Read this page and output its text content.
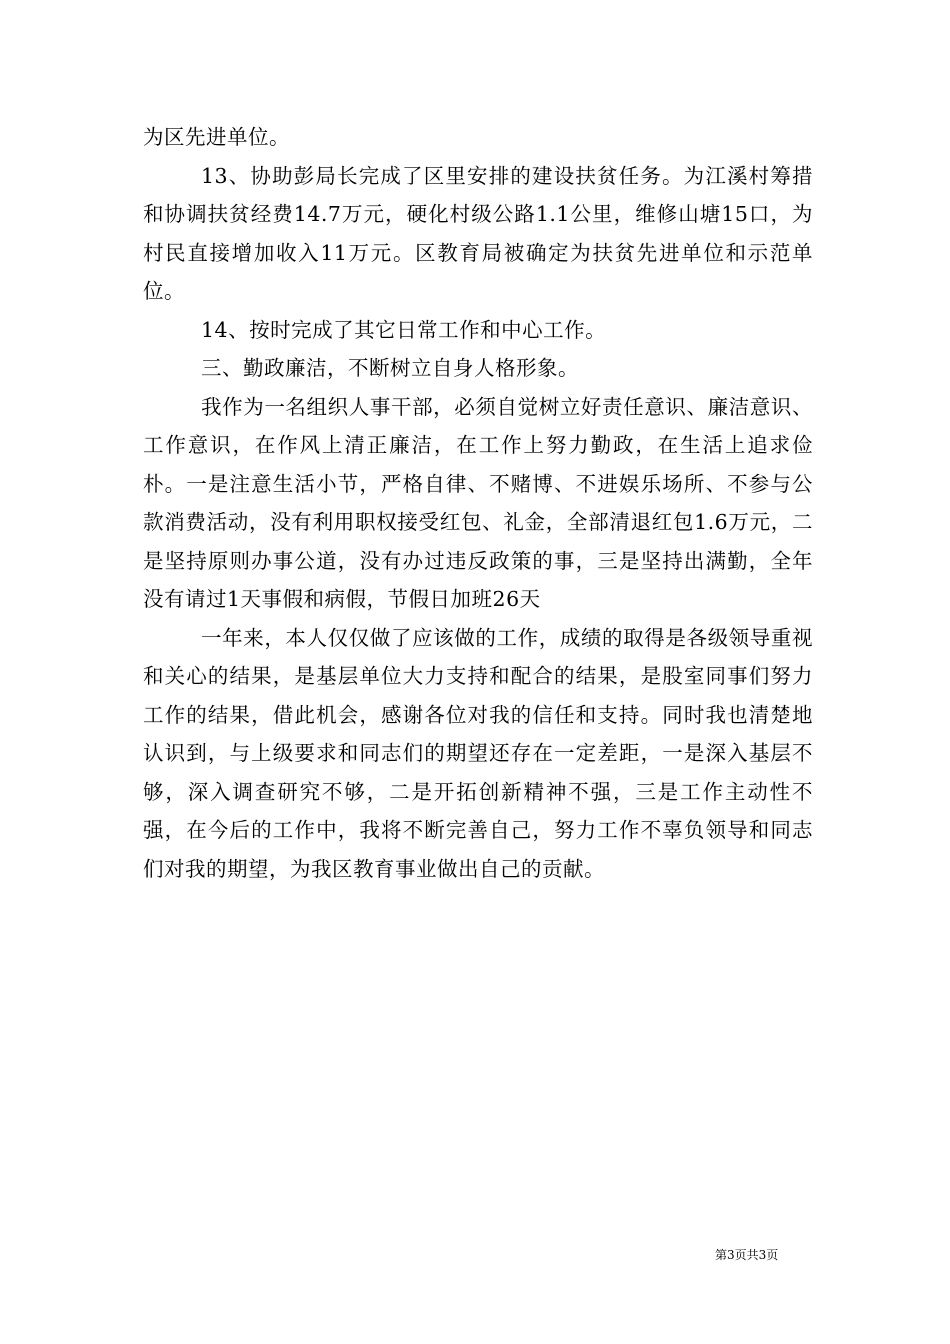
为区先进单位。

13、协助彭局长完成了区里安排的建设扶贫任务。为江溪村筹措和协调扶贫经费14.7万元，硬化村级公路1.1公里，维修山塘15口，为村民直接增加收入11万元。区教育局被确定为扶贫先进单位和示范单位。

14、按时完成了其它日常工作和中心工作。

三、勤政廉洁，不断树立自身人格形象。

我作为一名组织人事干部，必须自觉树立好责任意识、廉洁意识、工作意识，在作风上清正廉洁，在工作上努力勤政，在生活上追求俭朴。一是注意生活小节，严格自律、不赌博、不进娱乐场所、不参与公款消费活动，没有利用职权接受红包、礼金，全部清退红包1.6万元，二是坚持原则办事公道，没有办过违反政策的事，三是坚持出满勤，全年没有请过1天事假和病假，节假日加班26天

一年来，本人仅仅做了应该做的工作，成绩的取得是各级领导重视和关心的结果，是基层单位大力支持和配合的结果，是股室同事们努力工作的结果，借此机会，感谢各位对我的信任和支持。同时我也清楚地认识到，与上级要求和同志们的期望还存在一定差距，一是深入基层不够，深入调查研究不够，二是开拓创新精神不强，三是工作主动性不强，在今后的工作中，我将不断完善自己，努力工作不辜负领导和同志们对我的期望，为我区教育事业做出自己的贡献。

第3页共3页
